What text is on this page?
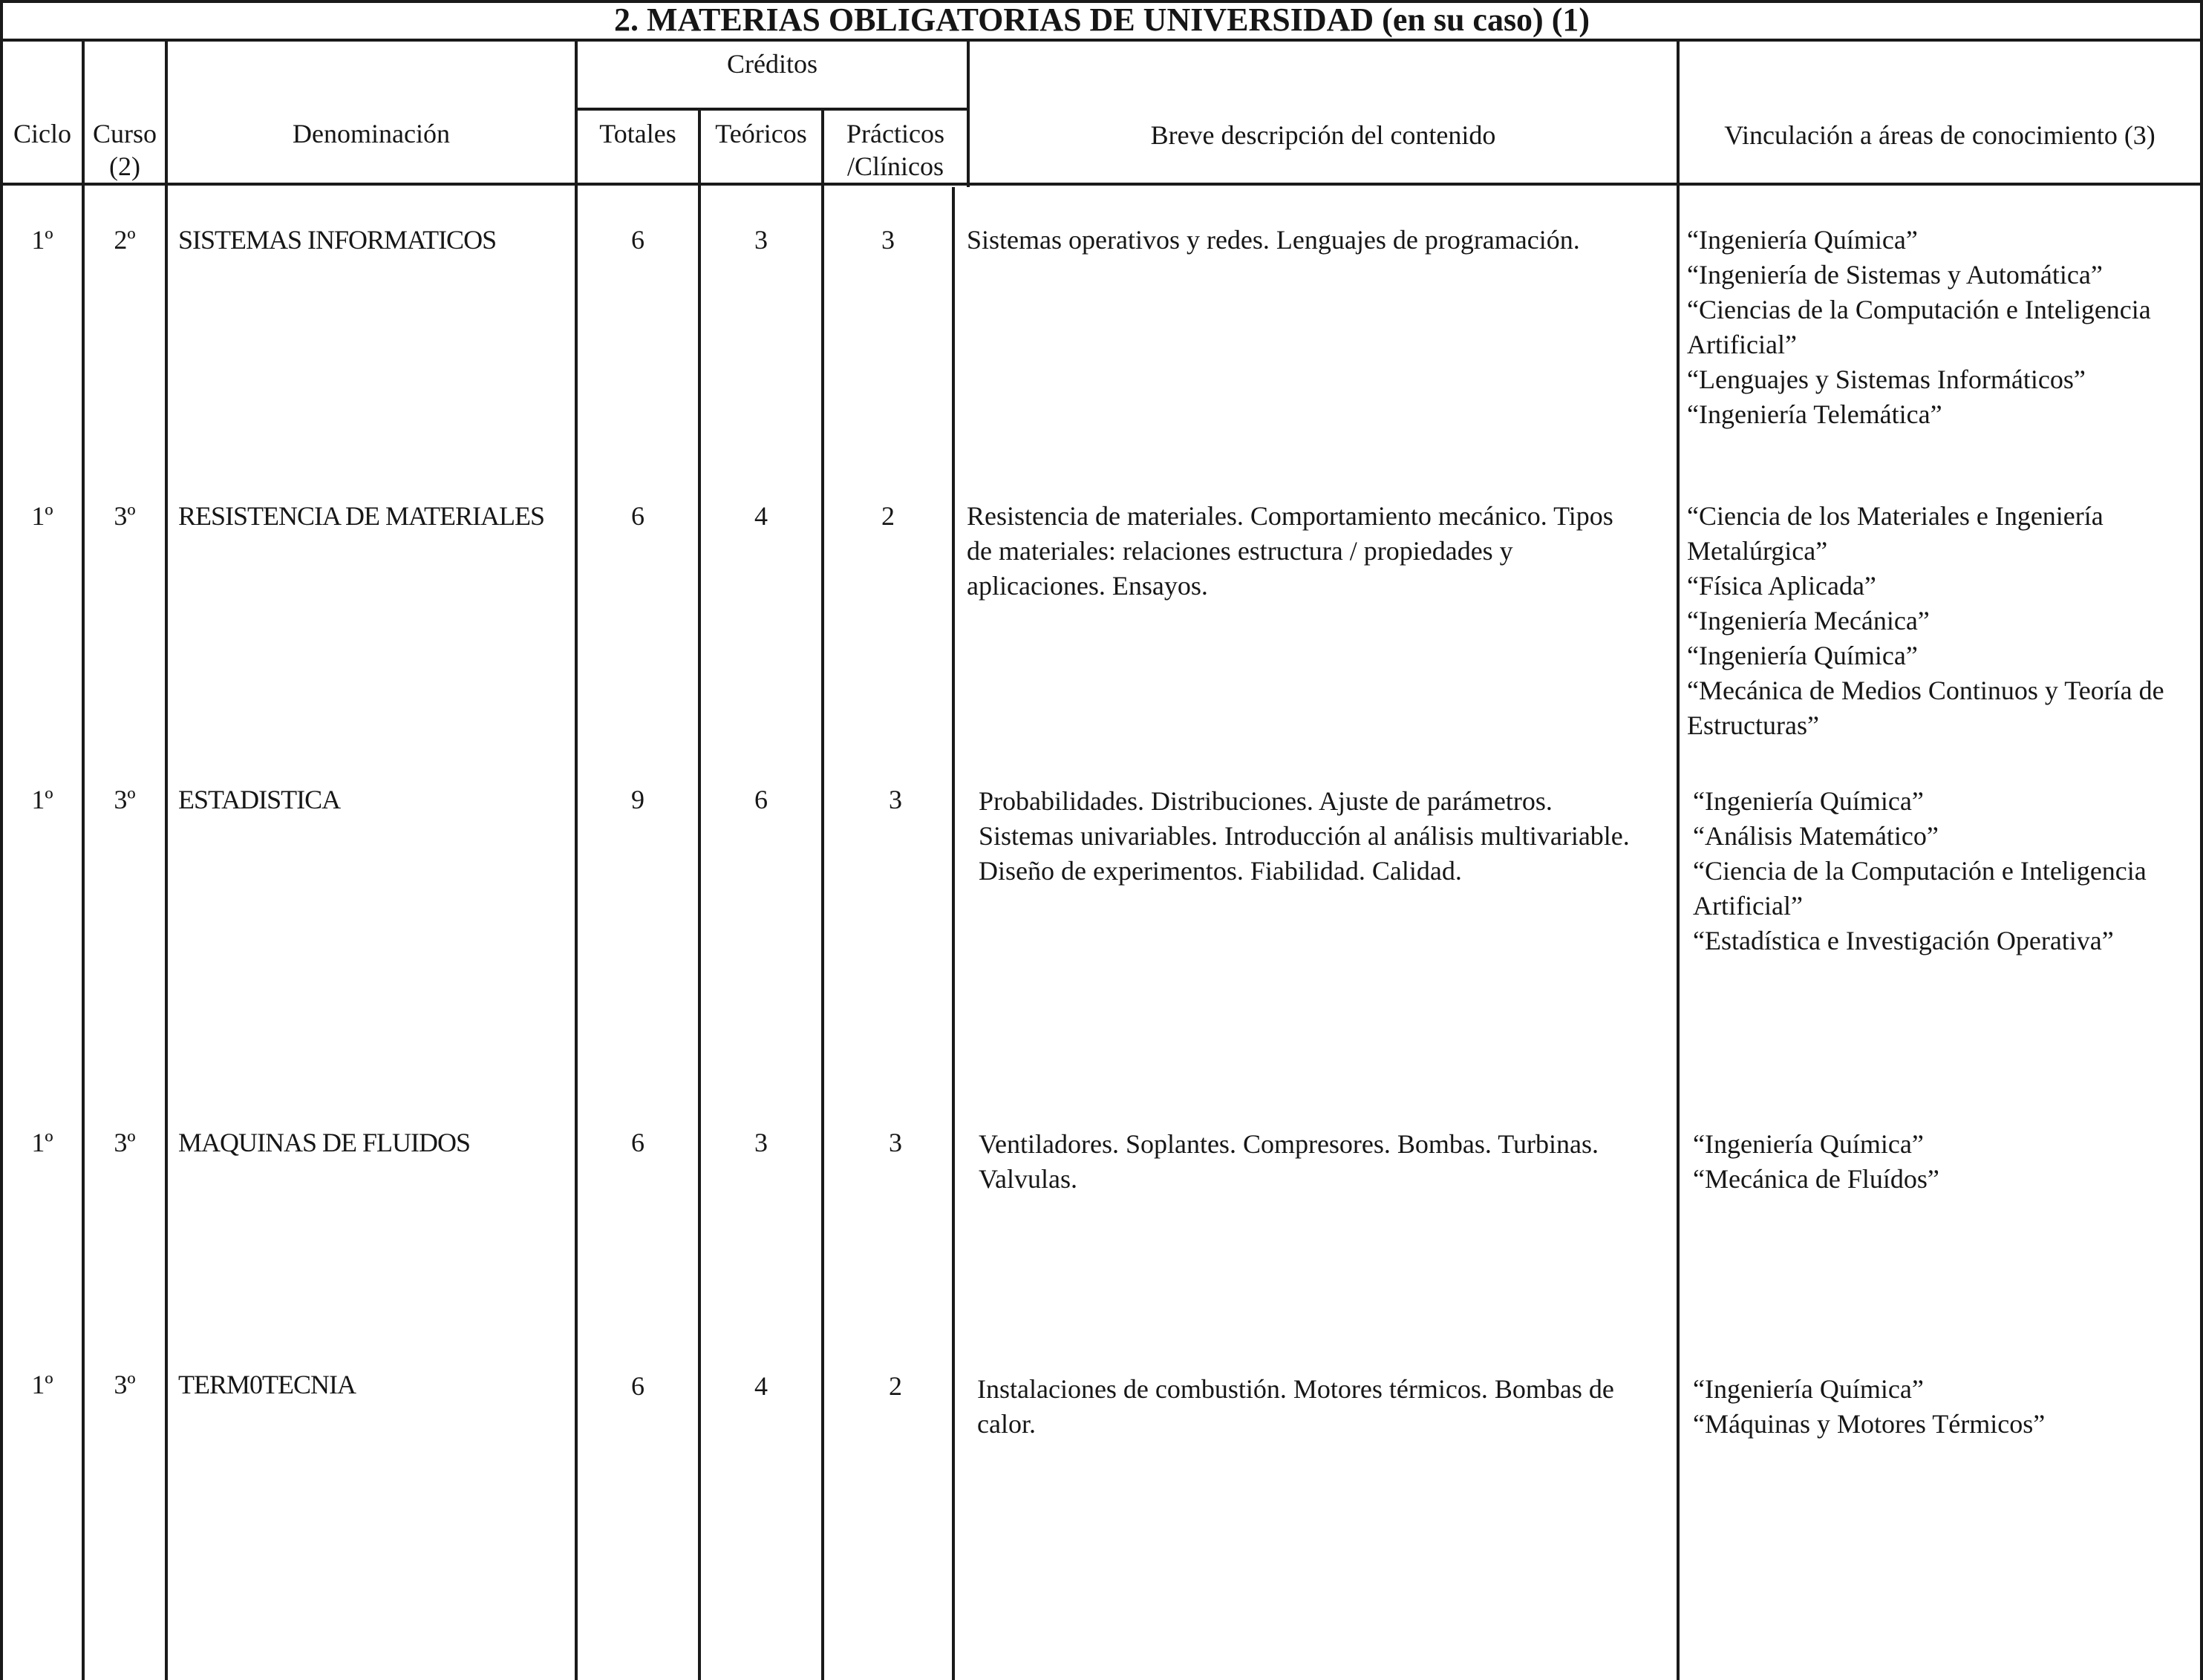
2. MATERIAS OBLIGATORIAS DE UNIVERSIDAD (en su caso) (1)
Ciclo Curso
(2)
Denominación
Créditos
Totales	Teóricos	Prácticos
/Clínicos
Breve descripción del contenido	Vinculación a áreas de conocimiento (3)
1º	2º	SISTEMAS INFORMATICOS	6	3	3	Sistemas operativos y redes. Lenguajes de programación.	“Ingeniería Química”
“Ingeniería de Sistemas y Automática”
“Ciencias de la Computación e Inteligencia
Artificial”
“Lenguajes y Sistemas Informáticos”
“Ingeniería Telemática”
1º	3º	RESISTENCIA DE MATERIALES	6	4	2	Resistencia de materiales. Comportamiento mecánico. Tipos
de materiales: relaciones estructura / propiedades y
aplicaciones. Ensayos.
“Ciencia de los Materiales e Ingeniería
Metalúrgica”
“Física Aplicada”
“Ingeniería Mecánica”
“Ingeniería Química”
“Mecánica de Medios Continuos y Teoría de
Estructuras”
1º	3º	ESTADISTICA	9	6	3	Probabilidades. Distribuciones. Ajuste de parámetros.
Sistemas univariables. Introducción al análisis multivariable.
Diseño de experimentos. Fiabilidad. Calidad.
“Ingeniería Química”
“Análisis Matemático”
“Ciencia de la Computación e Inteligencia
Artificial”
“Estadística e Investigación Operativa”
1º	3º	MAQUINAS DE FLUIDOS	6	3	3	Ventiladores. Soplantes. Compresores. Bombas. Turbinas.
Valvulas.
“Ingeniería Química”
“Mecánica de Fluídos”
1º	3º	TERM0TECNIA	6	4	2	Instalaciones de combustión. Motores térmicos. Bombas de
calor.
“Ingeniería Química”
“Máquinas y Motores Térmicos”
